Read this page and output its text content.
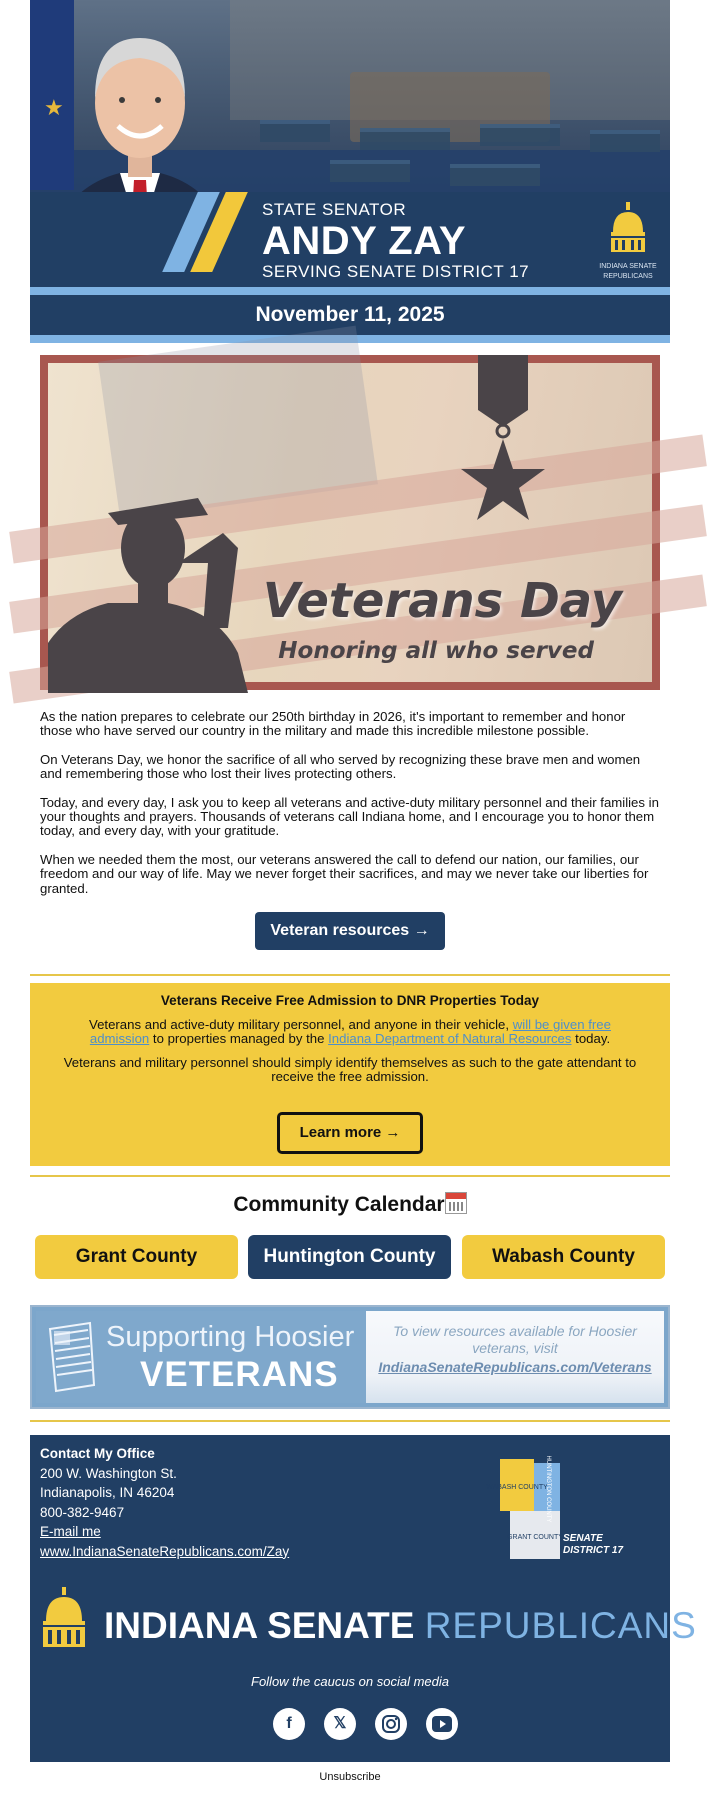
★
STATE SENATOR
ANDY ZAY
SERVING SENATE DISTRICT 17	INDIANA SENATE
REPUBLICANS
November 11, 2025
Veterans Day
Honoring all who served

As the nation prepares to celebrate our 250th birthday in 2026, it's important to remember and honor those who have served our country in the military and made this incredible milestone possible.

On Veterans Day, we honor the sacrifice of all who served by recognizing these brave men and women and remembering those who lost their lives protecting others.

Today, and every day, I ask you to keep all veterans and active-duty military personnel and their families in your thoughts and prayers. Thousands of veterans call Indiana home, and I encourage you to honor them today, and every day, with your gratitude.

When we needed them the most, our veterans answered the call to defend our nation, our families, our freedom and our way of life. May we never forget their sacrifices, and may we never take our liberties for granted.

Veteran resources →
Veterans Receive Free Admission to DNR Properties Today

Veterans and active-duty military personnel, and anyone in their vehicle, will be given free admission to properties managed by the Indiana Department of Natural Resources today.

Veterans and military personnel should simply identify themselves as such to the gate attendant to receive the free admission.

Learn more →
Community Calendar
Grant County	Huntington County	Wabash County
Supporting Hoosier
VETERANS
To view resources available for Hoosier veterans, visit
IndianaSenateRepublicans.com/Veterans
Contact My Office
200 W. Washington St.
Indianapolis, IN 46204
800-382-9467
E-mail me
www.IndianaSenateRepublicans.com/Zay
WABASH COUNTY
HUNTINGTON COUNTY
GRANT COUNTY SENATE
DISTRICT 17
INDIANA SENATE REPUBLICANS
Follow the caucus on social media
f	𝕏
Unsubscribe
